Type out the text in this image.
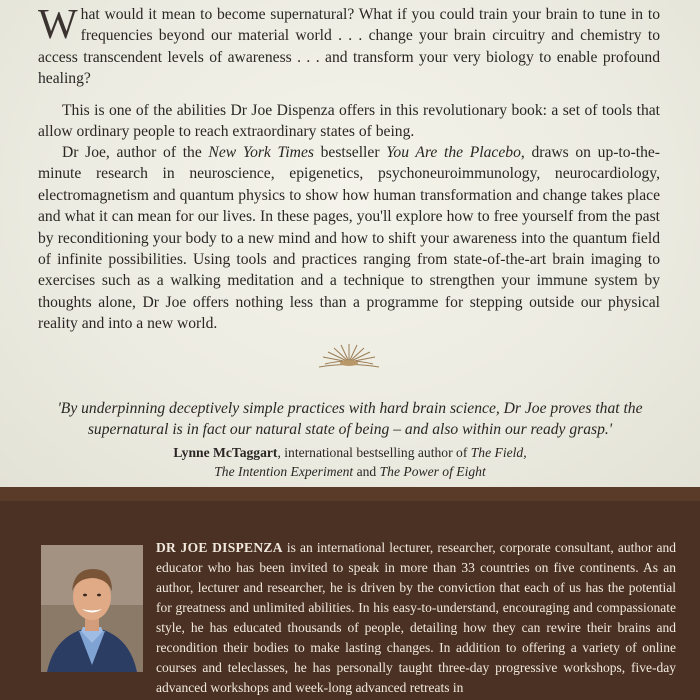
What would it mean to become supernatural? What if you could train your brain to tune in to frequencies beyond our material world . . . change your brain circuitry and chemistry to access transcendent levels of awareness . . . and transform your very biology to enable profound healing?

This is one of the abilities Dr Joe Dispenza offers in this revolutionary book: a set of tools that allow ordinary people to reach extraordinary states of being.

Dr Joe, author of the New York Times bestseller You Are the Placebo, draws on up-to-the-minute research in neuroscience, epigenetics, psychoneuroimmunology, neurocardiology, electromagnetism and quantum physics to show how human transformation and change takes place and what it can mean for our lives. In these pages, you'll explore how to free yourself from the past by reconditioning your body to a new mind and how to shift your awareness into the quantum field of infinite possibilities. Using tools and practices ranging from state-of-the-art brain imaging to exercises such as a walking meditation and a technique to strengthen your immune system by thoughts alone, Dr Joe offers nothing less than a programme for stepping outside our physical reality and into a new world.

'By underpinning deceptively simple practices with hard brain science, Dr Joe proves that the supernatural is in fact our natural state of being – and also within our ready grasp.'

Lynne McTaggart, international bestselling author of The Field,
The Intention Experiment and The Power of Eight

DR JOE DISPENZA is an international lecturer, researcher, corporate consultant, author and educator who has been invited to speak in more than 33 countries on five continents. As an author, lecturer and researcher, he is driven by the conviction that each of us has the potential for greatness and unlimited abilities. In his easy-to-understand, encouraging and compassionate style, he has educated thousands of people, detailing how they can rewire their brains and recondition their bodies to make lasting changes. In addition to offering a variety of online courses and teleclasses, he has personally taught three-day progressive workshops, five-day advanced workshops and week-long advanced retreats in
